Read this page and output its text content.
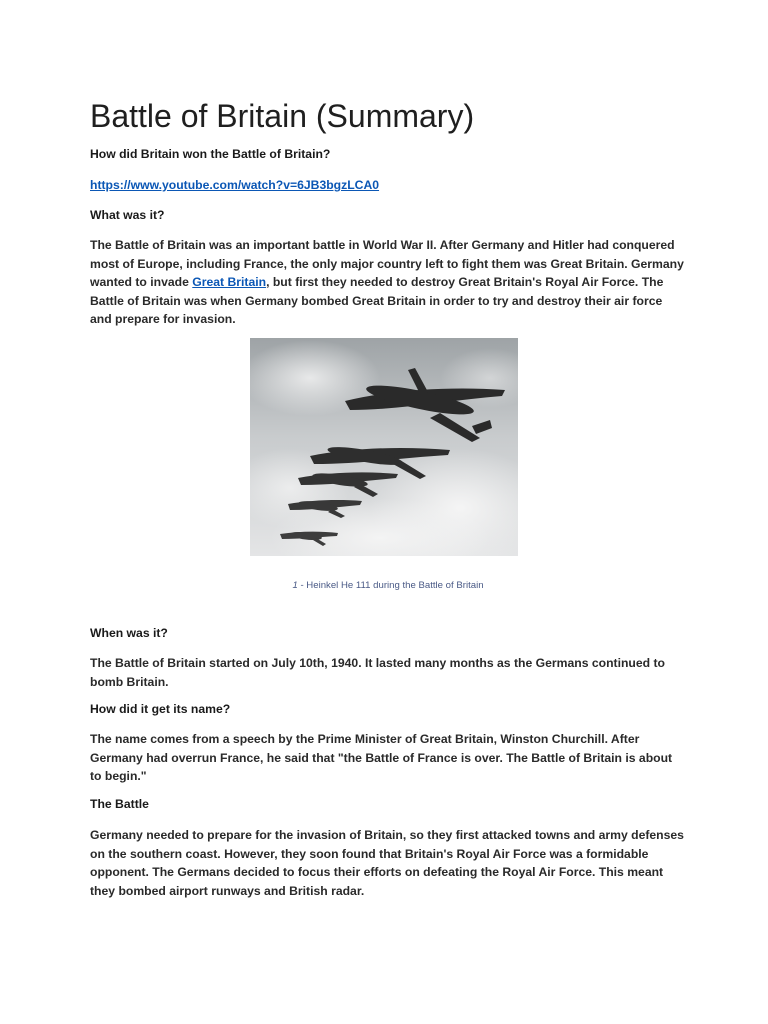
Battle of Britain (Summary)

How did Britain won the Battle of Britain?

https://www.youtube.com/watch?v=6JB3bgzLCA0

What was it?

The Battle of Britain was an important battle in World War II. After Germany and Hitler had conquered most of Europe, including France, the only major country left to fight them was Great Britain. Germany wanted to invade Great Britain, but first they needed to destroy Great Britain's Royal Air Force. The Battle of Britain was when Germany bombed Great Britain in order to try and destroy their air force and prepare for invasion.

1 - Heinkel He 111 during the Battle of Britain

When was it?

The Battle of Britain started on July 10th, 1940. It lasted many months as the Germans continued to bomb Britain.

How did it get its name?

The name comes from a speech by the Prime Minister of Great Britain, Winston Churchill. After Germany had overrun France, he said that "the Battle of France is over. The Battle of Britain is about to begin."

The Battle

Germany needed to prepare for the invasion of Britain, so they first attacked towns and army defenses on the southern coast. However, they soon found that Britain's Royal Air Force was a formidable opponent. The Germans decided to focus their efforts on defeating the Royal Air Force. This meant they bombed airport runways and British radar.
